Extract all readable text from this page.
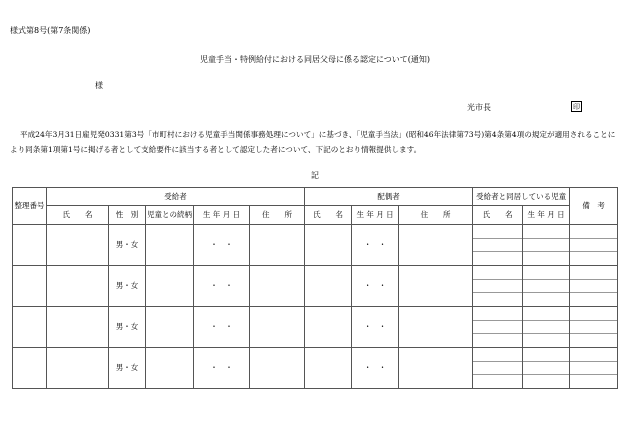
様式第8号(第7条関係)
児童手当・特例給付における同居父母に係る認定について(通知)
様
光市長	印
平成24年3月31日雇児発0331第3号「市町村における児童手当関係事務処理について」に基づき、「児童手当法」(昭和46年法律第73号)第4条第4項の規定が適用されることにより同条第1項第1号に掲げる者として支給要件に該当する者として認定した者について、下記のとおり情報提供します。
記
整理番号	受給者					配偶者			受給者と同居している児童		備　考
	氏　　名	性　別	児童との続柄	生 年 月 日	住　　所	氏　　名	生 年 月 日	住　　所	氏　　名	生 年 月 日	
		男・女		・　・			・　・		

		男・女		・　・			・　・		

		男・女		・　・			・　・		

		男・女		・　・			・　・		
